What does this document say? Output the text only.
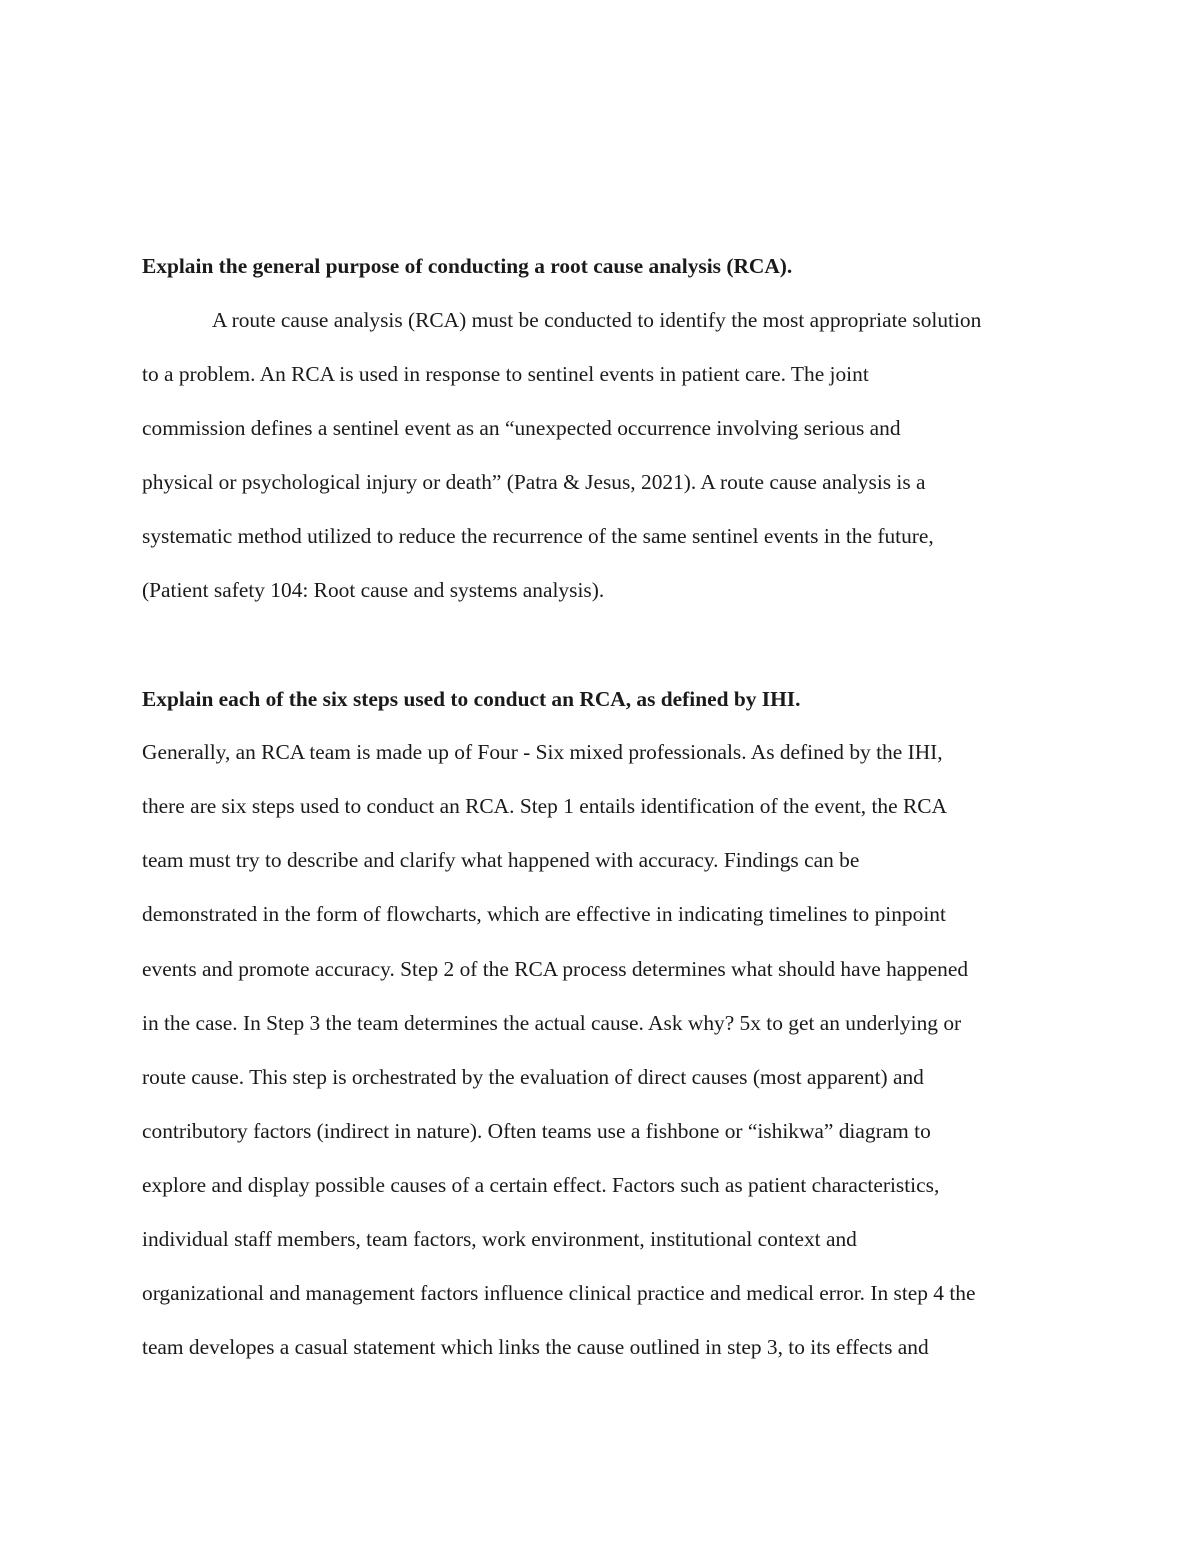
Explain the general purpose of conducting a root cause analysis (RCA).
A route cause analysis (RCA) must be conducted to identify the most appropriate solution
to a problem. An RCA is used in response to sentinel events in patient care. The joint
commission defines a sentinel event as an “unexpected occurrence involving serious and
physical or psychological injury or death” (Patra & Jesus, 2021). A route cause analysis is a
systematic method utilized to reduce the recurrence of the same sentinel events in the future,
(Patient safety 104: Root cause and systems analysis).
Explain each of the six steps used to conduct an RCA, as defined by IHI.
Generally, an RCA team is made up of Four - Six mixed professionals. As defined by the IHI,
there are six steps used to conduct an RCA. Step 1 entails identification of the event, the RCA
team must try to describe and clarify what happened with accuracy. Findings can be
demonstrated in the form of flowcharts, which are effective in indicating timelines to pinpoint
events and promote accuracy. Step 2 of the RCA process determines what should have happened
in the case. In Step 3 the team determines the actual cause. Ask why? 5x to get an underlying or
route cause. This step is orchestrated by the evaluation of direct causes (most apparent) and
contributory factors (indirect in nature). Often teams use a fishbone or “ishikwa” diagram to
explore and display possible causes of a certain effect. Factors such as patient characteristics,
individual staff members, team factors, work environment, institutional context and
organizational and management factors influence clinical practice and medical error. In step 4 the
team developes a casual statement which links the cause outlined in step 3, to its effects and
